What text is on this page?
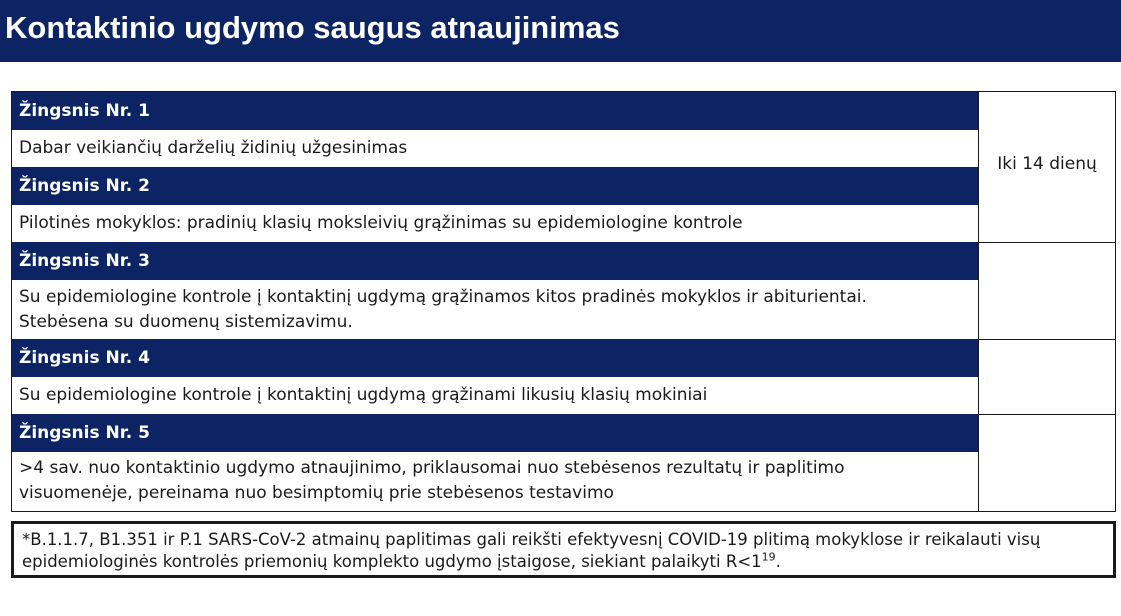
Kontaktinio ugdymo saugus atnaujinimas
Žingsnis Nr. 1
Dabar veikiančių darželių židinių užgesinimas
Žingsnis Nr. 2
Pilotinės mokyklos: pradinių klasių moksleivių grąžinimas su epidemiologine kontrole
Žingsnis Nr. 3
Su epidemiologine kontrole į kontaktinį ugdymą grąžinamos kitos pradinės mokyklos ir abiturientai.
Stebėsena su duomenų sistemizavimu.
Žingsnis Nr. 4
Su epidemiologine kontrole į kontaktinį ugdymą grąžinami likusių klasių mokiniai
Žingsnis Nr. 5
>4 sav. nuo kontaktinio ugdymo atnaujinimo, priklausomai nuo stebėsenos rezultatų ir paplitimo
visuomenėje, pereinama nuo besimptomių prie stebėsenos testavimo
Iki 14 dienų
*B.1.1.7, B1.351 ir P.1 SARS-CoV-2 atmainų paplitimas gali reikšti efektyvesnį COVID-19 plitimą mokyklose ir reikalauti visų epidemiologinės kontrolės priemonių komplekto ugdymo įstaigose, siekiant palaikyti $R<1^{19}$.
